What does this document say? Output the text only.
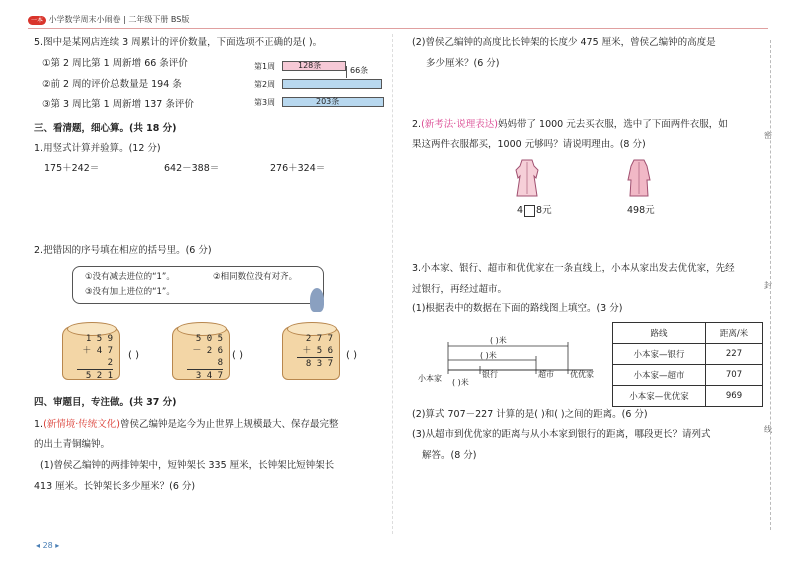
一本 小学数学周末小闹卷 | 二年级下册 BS版
5.图中是某网店连续 3 周累计的评价数量，下面选项不正确的是( )。
①第 2 周比第 1 周新增 66 条评价
②前 2 周的评价总数量是 194 条
③第 3 周比第 1 周新增 137 条评价
第1周
第2周
第3周
128条
66条
203条
三、看清题，细心算。(共 18 分)
1.用竖式计算并验算。(12 分)
175＋242＝	642－388＝	276＋324＝
2.把错因的序号填在相应的括号里。(6 分)
①没有减去进位的“1”。	②相同数位没有对齐。
③没有加上进位的“1”。
1 5 9
＋ 4 7 2
5 2 1
( )
5 0 5
－ 2 6 8
3 4 7
( )
2 7 7
＋ 5 6
8 3 7
( )
四、审题目，专注做。(共 37 分)
1.(新情境·传统文化)曾侯乙编钟是迄今为止世界上规模最大、保存最完整
的出土青铜编钟。
(1)曾侯乙编钟的两排钟架中，短钟架长 335 厘米，长钟架比短钟架长
413 厘米。长钟架长多少厘米？(6 分)
◂ 28 ▸
(2)曾侯乙编钟的高度比长钟架的长度少 475 厘米，曾侯乙编钟的高度是
多少厘米？(6 分)
2.(新考法·说理表达)妈妈带了 1000 元去买衣服，选中了下面两件衣服，如
果这两件衣服都买，1000 元够吗？请说明理由。(8 分)
4 8元	498元
3.小本家、银行、超市和优优家在一条直线上，小本从家出发去优优家，先经
过银行，再经过超市。
(1)根据表中的数据在下面的路线图上填空。(3 分)
( )米
( )米
( )米
小本家	银行	超市 优优家
路线	距离/米
小本家—银行	227
小本家—超市	707
小本家—优优家	969
(2)算式 707－227 计算的是( )和( )之间的距离。(6 分)
(3)从超市到优优家的距离与从小本家到银行的距离，哪段更长？请列式
解答。(8 分)
密
封
线
